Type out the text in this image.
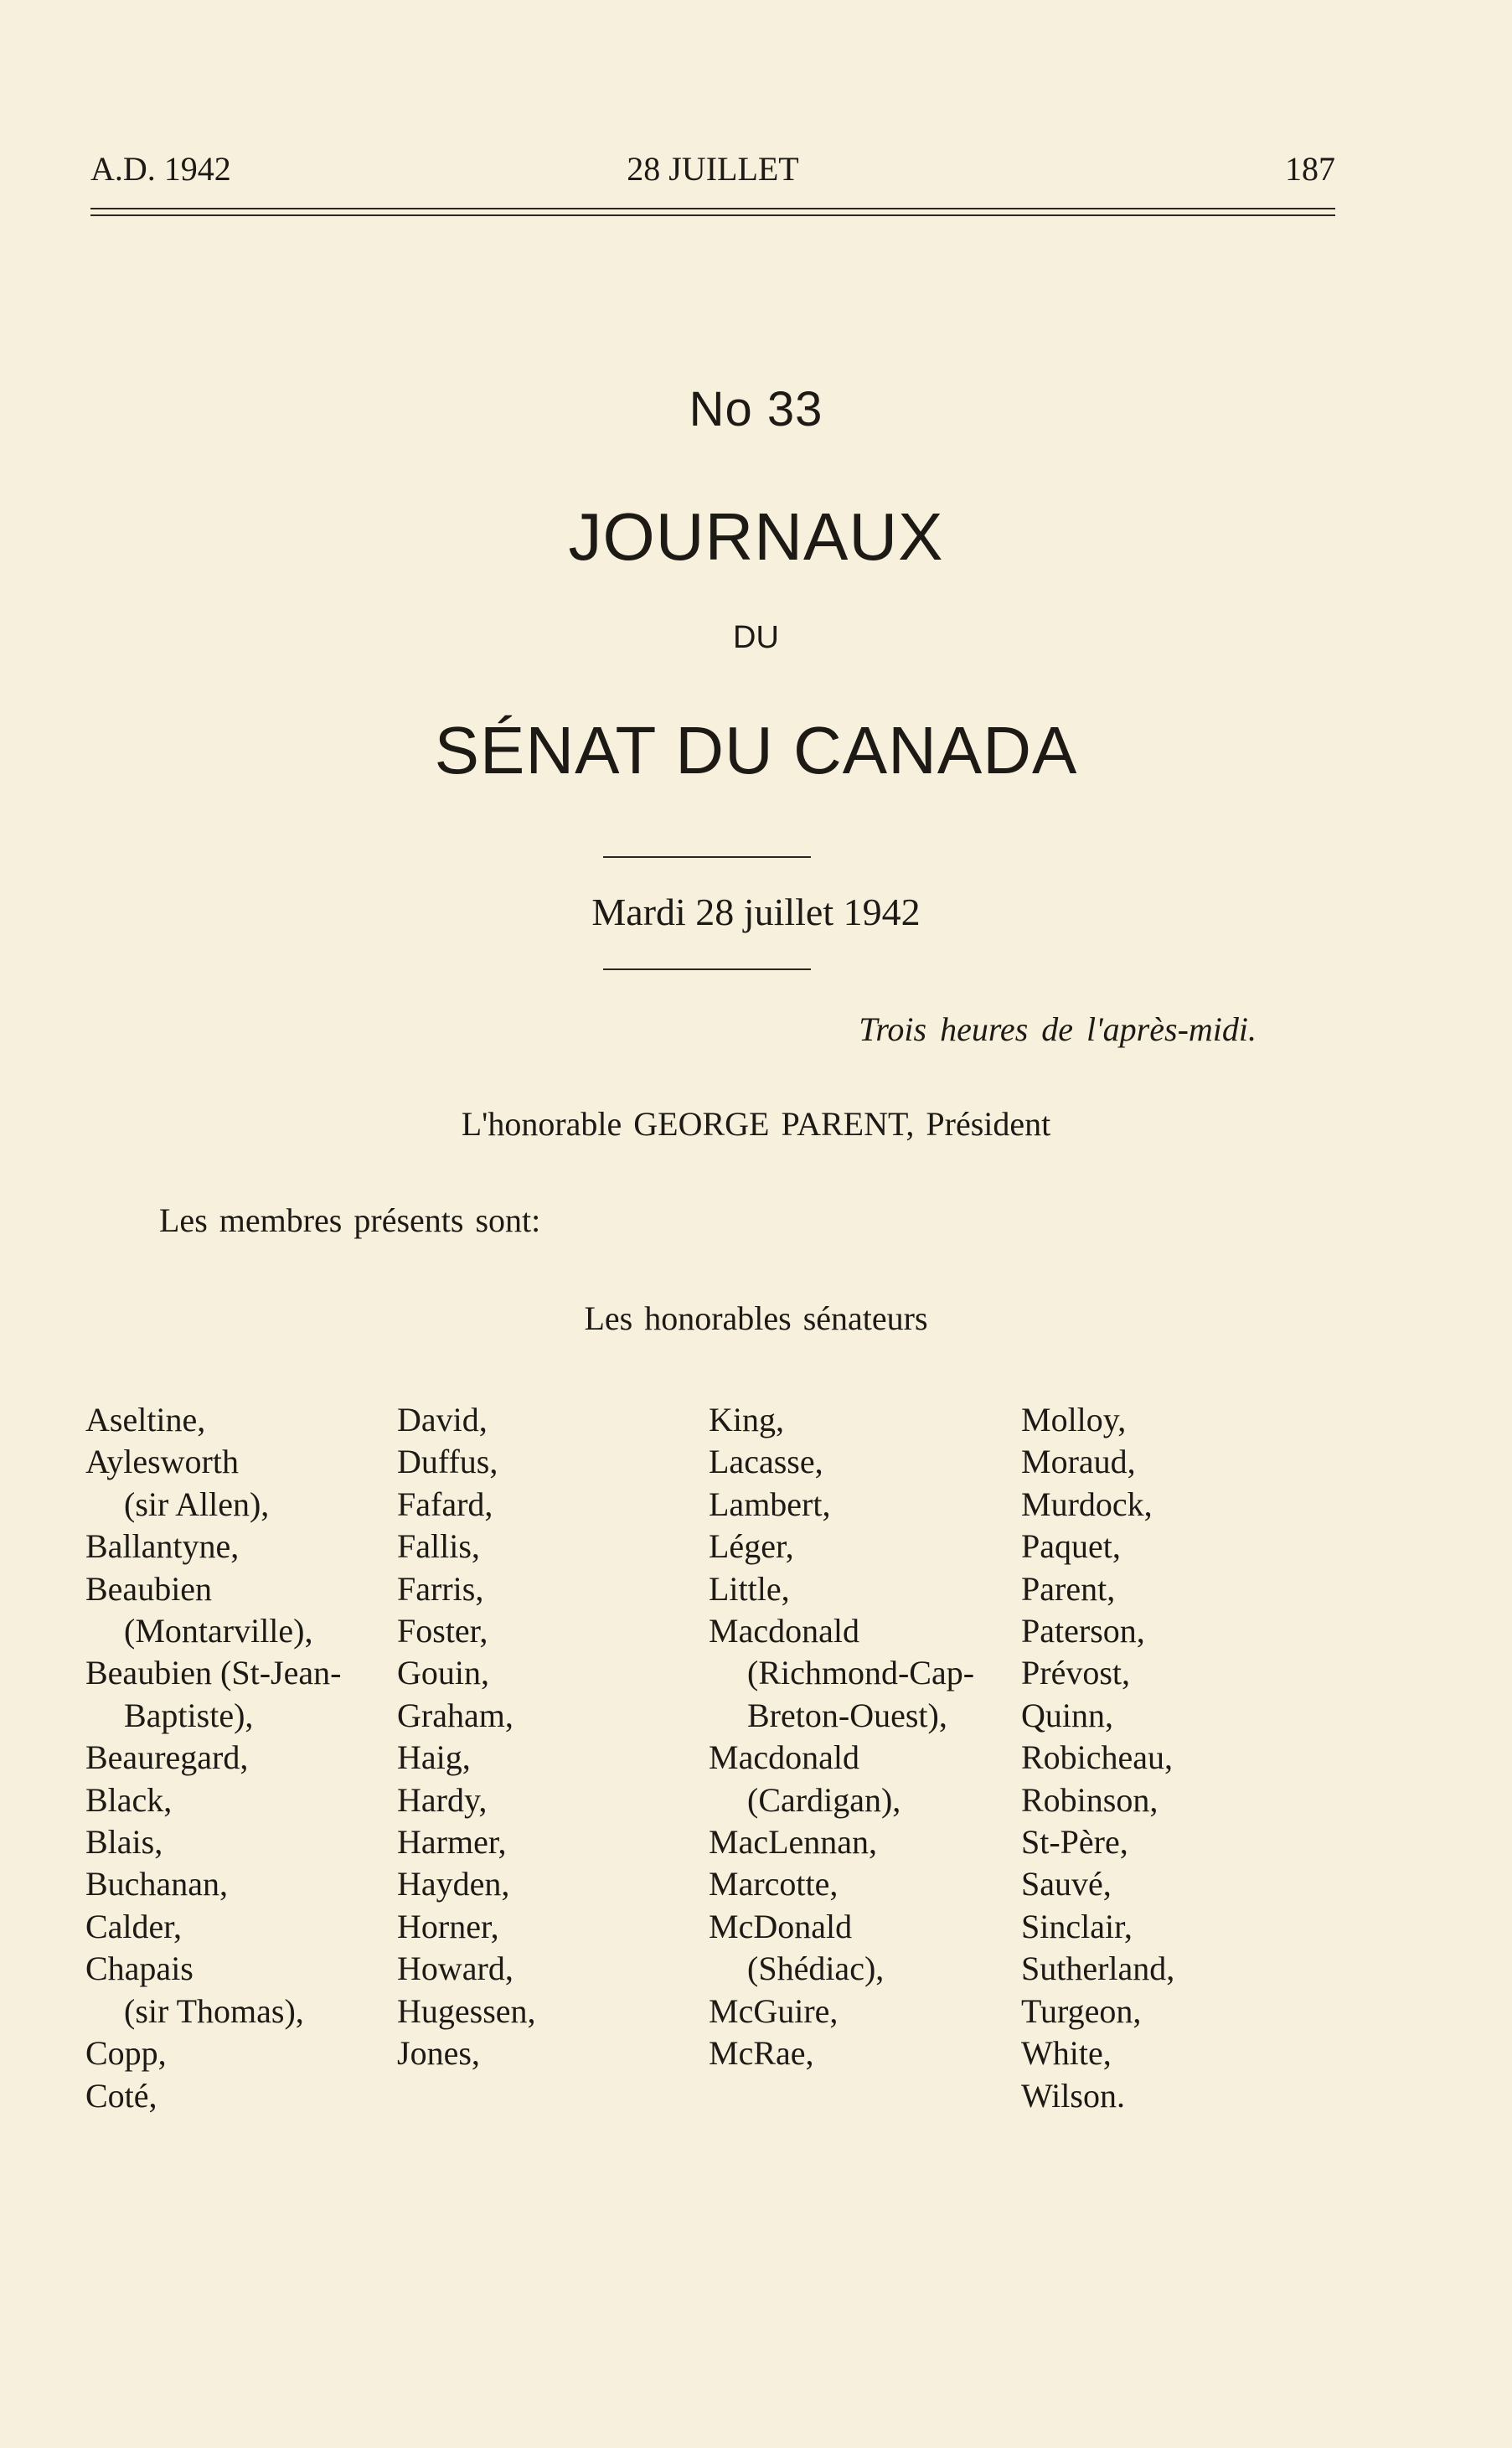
A.D. 1942	28 JUILLET	187
No 33
JOURNAUX
DU
SÉNAT DU CANADA
Mardi 28 juillet 1942
Trois heures de l'après-midi.
L'honorable GEORGE PARENT, Président
Les membres présents sont:
Les honorables sénateurs
Aseltine,
Aylesworth
(sir Allen),
Ballantyne,
Beaubien
(Montarville),
Beaubien (St-Jean-
Baptiste),
Beauregard,
Black,
Blais,
Buchanan,
Calder,
Chapais
(sir Thomas),
Copp,
Coté,
David,
Duffus,
Fafard,
Fallis,
Farris,
Foster,
Gouin,
Graham,
Haig,
Hardy,
Harmer,
Hayden,
Horner,
Howard,
Hugessen,
Jones,
King,
Lacasse,
Lambert,
Léger,
Little,
Macdonald
(Richmond-Cap-
Breton-Ouest),
Macdonald
(Cardigan),
MacLennan,
Marcotte,
McDonald
(Shédiac),
McGuire,
McRae,
Molloy,
Moraud,
Murdock,
Paquet,
Parent,
Paterson,
Prévost,
Quinn,
Robicheau,
Robinson,
St-Père,
Sauvé,
Sinclair,
Sutherland,
Turgeon,
White,
Wilson.
